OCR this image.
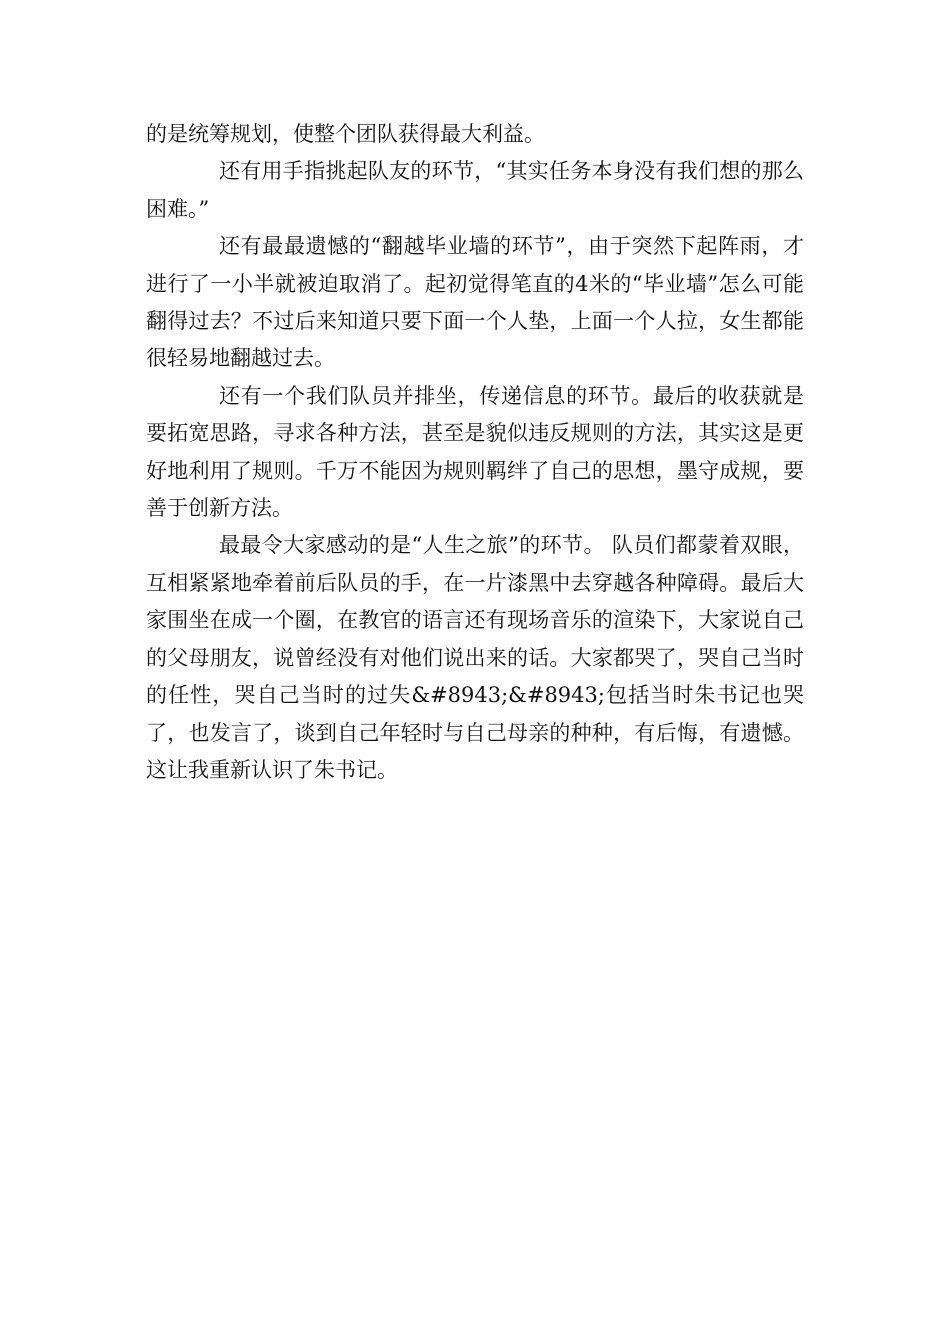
的是统筹规划，使整个团队获得最大利益。

还有用手指挑起队友的环节，“其实任务本身没有我们想的那么困难。”

还有最最遗憾的“翻越毕业墙的环节”，由于突然下起阵雨，才进行了一小半就被迫取消了。起初觉得笔直的4米的“毕业墙”怎么可能翻得过去？不过后来知道只要下面一个人垫，上面一个人拉，女生都能很轻易地翻越过去。

还有一个我们队员并排坐，传递信息的环节。最后的收获就是要拓宽思路，寻求各种方法，甚至是貌似违反规则的方法，其实这是更好地利用了规则。千万不能因为规则羁绊了自己的思想，墨守成规，要善于创新方法。

最最令大家感动的是“人生之旅”的环节。 队员们都蒙着双眼，互相紧紧地牵着前后队员的手，在一片漆黑中去穿越各种障碍。最后大家围坐在成一个圈，在教官的语言还有现场音乐的渲染下，大家说自己的父母朋友，说曾经没有对他们说出来的话。大家都哭了，哭自己当时的任性，哭自己当时的过失&#8943;&#8943;包括当时朱书记也哭了，也发言了，谈到自己年轻时与自己母亲的种种，有后悔，有遗憾。这让我重新认识了朱书记。
